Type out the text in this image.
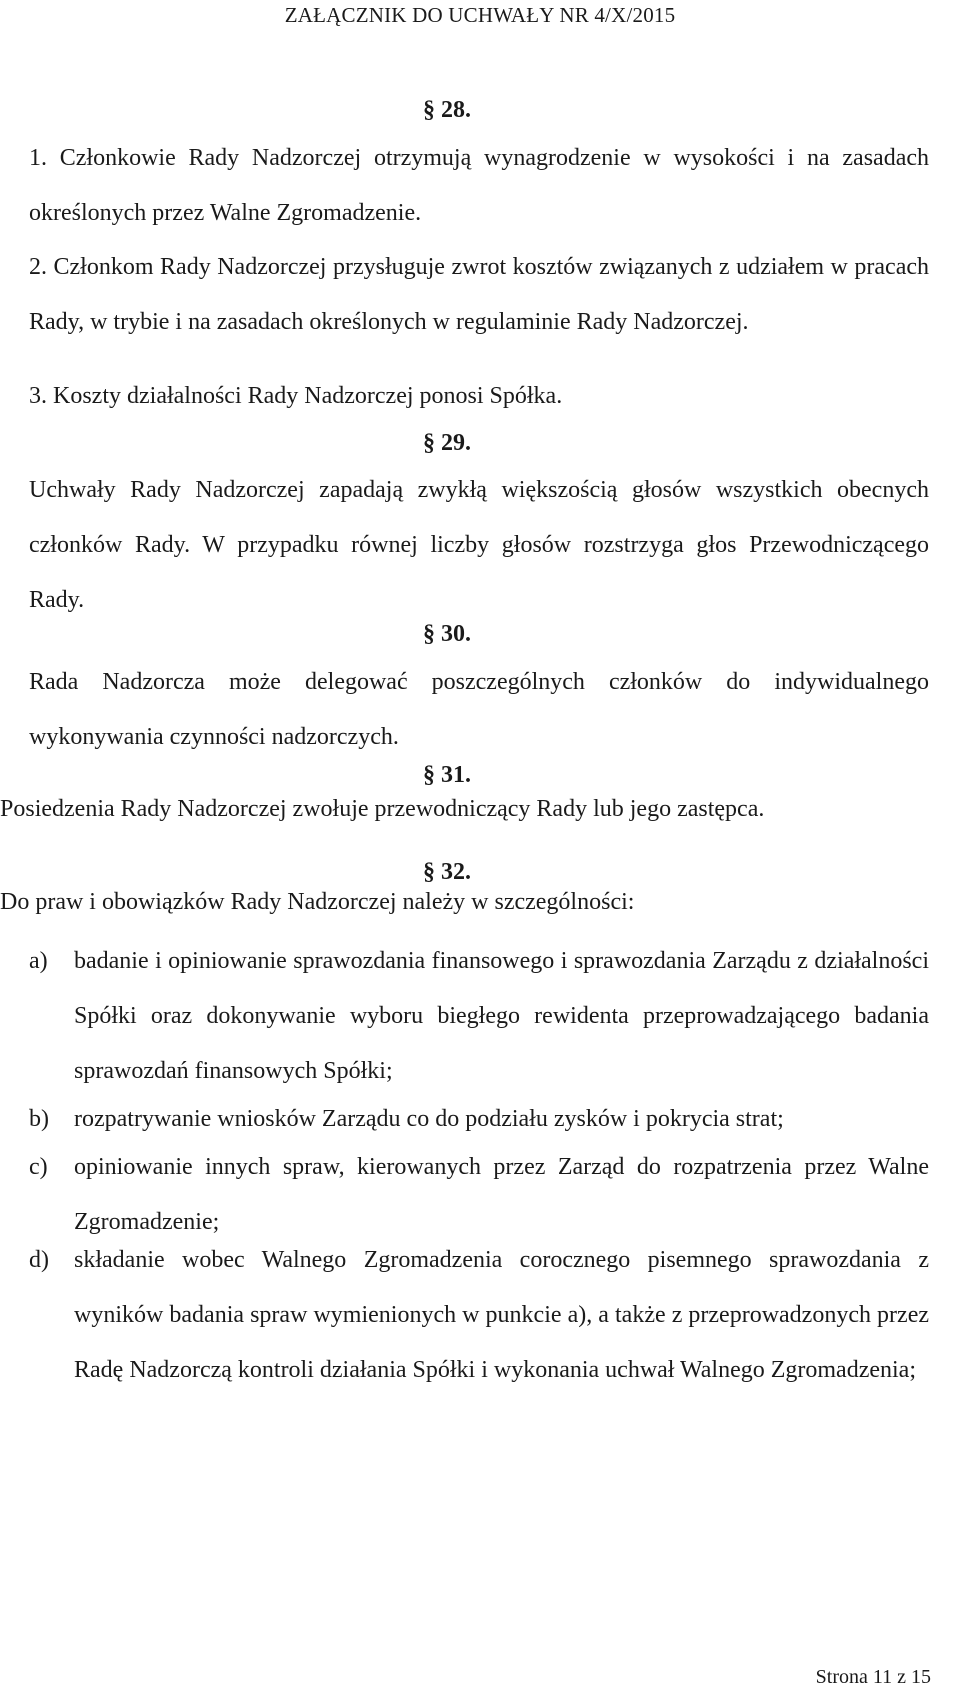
ZAŁĄCZNIK DO UCHWAŁY NR 4/X/2015
§ 28.
1. Członkowie Rady Nadzorczej otrzymują wynagrodzenie w wysokości i na zasadach określonych przez Walne Zgromadzenie.
2. Członkom Rady Nadzorczej przysługuje zwrot kosztów związanych z udziałem w pracach Rady, w trybie i na zasadach określonych w regulaminie Rady Nadzorczej.
3. Koszty działalności Rady Nadzorczej ponosi Spółka.
§ 29.
Uchwały Rady Nadzorczej zapadają zwykłą większością głosów wszystkich obecnych członków Rady. W przypadku równej liczby głosów rozstrzyga głos Przewodniczącego Rady.
§ 30.
Rada Nadzorcza może delegować poszczególnych członków do indywidualnego wykonywania czynności nadzorczych.
§ 31.
Posiedzenia Rady Nadzorczej zwołuje przewodniczący Rady lub jego zastępca.
§ 32.
Do praw i obowiązków Rady Nadzorczej należy w szczególności:
a) badanie i opiniowanie sprawozdania finansowego i sprawozdania Zarządu z działalności Spółki oraz dokonywanie wyboru biegłego rewidenta przeprowadzającego badania sprawozdań finansowych Spółki;
b) rozpatrywanie wniosków Zarządu co do podziału zysków i pokrycia strat;
c) opiniowanie innych spraw, kierowanych przez Zarząd do rozpatrzenia przez Walne Zgromadzenie;
d) składanie wobec Walnego Zgromadzenia corocznego pisemnego sprawozdania z wyników badania spraw wymienionych w punkcie a), a także z przeprowadzonych przez Radę Nadzorczą kontroli działania Spółki i wykonania uchwał Walnego Zgromadzenia;
Strona 11 z 15
